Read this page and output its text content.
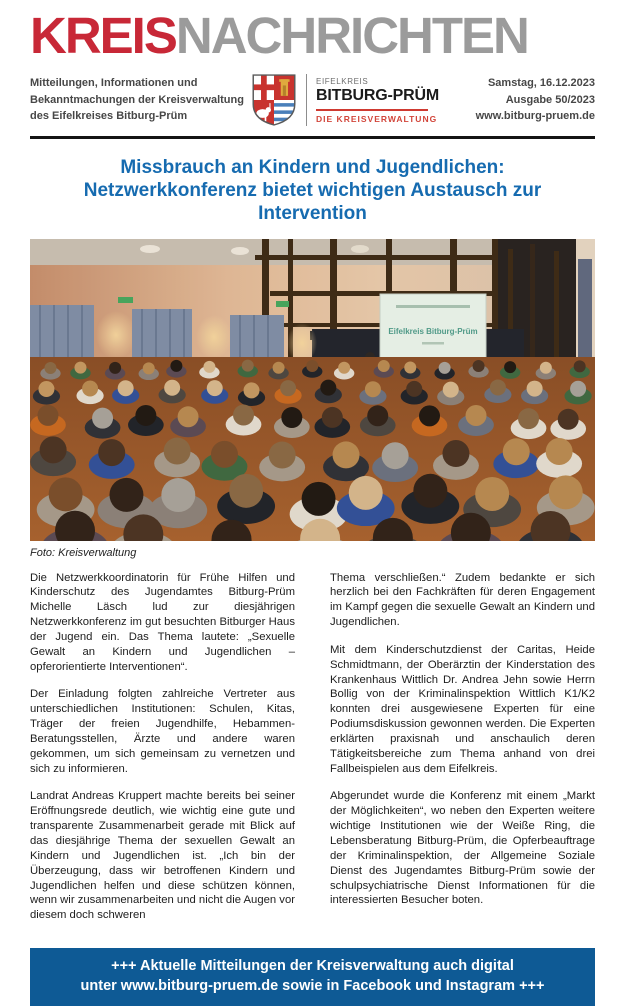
KREISNACHRICHTEN
Mitteilungen, Informationen und
Bekanntmachungen der Kreisverwaltung
des Eifelkreises Bitburg-Prüm
EIFELKREIS
BITBURG-PRÜM
DIE KREISVERWALTUNG
Samstag, 16.12.2023
Ausgabe 50/2023
www.bitburg-pruem.de
Missbrauch an Kindern und Jugendlichen:
Netzwerkkonferenz bietet wichtigen Austausch zur Intervention
Eifelkreis Bitburg-Prüm
Foto: Kreisverwaltung

Die Netzwerkkoordinatorin für Frühe Hilfen und Kinderschutz des Jugendamtes Bitburg-Prüm Michelle Läsch lud zur diesjährigen Netzwerkkonferenz im gut besuchten Bitburger Haus der Jugend ein. Das Thema lautete: „Sexuelle Gewalt an Kindern und Jugendlichen – opferorientierte Interventionen“.

Der Einladung folgten zahlreiche Vertreter aus unterschiedlichen Institutionen: Schulen, Kitas, Träger der freien Jugendhilfe, Hebammen-Beratungsstellen, Ärzte und andere waren gekommen, um sich gemeinsam zu vernetzen und sich zu informieren.

Landrat Andreas Kruppert machte bereits bei seiner Eröffnungsrede deutlich, wie wichtig eine gute und transparente Zusammenarbeit gerade mit Blick auf das diesjährige Thema der sexuellen Gewalt an Kindern und Jugendlichen ist. „Ich bin der Überzeugung, dass wir betroffenen Kindern und Jugendlichen helfen und diese schützen können, wenn wir zusammenarbeiten und nicht die Augen vor diesem doch schweren

Thema verschließen.“ Zudem bedankte er sich herzlich bei den Fachkräften für deren Engagement im Kampf gegen die sexuelle Gewalt an Kindern und Jugendlichen.

Mit dem Kinderschutzdienst der Caritas, Heide Schmidtmann, der Oberärztin der Kinderstation des Krankenhaus Wittlich Dr. Andrea Jehn sowie Herrn Bollig von der Kriminalinspektion Wittlich K1/K2 konnten drei ausgewiesene Experten für eine Podiumsdiskussion gewonnen werden. Die Experten erklärten praxisnah und anschaulich deren Tätigkeitsbereiche zum Thema anhand von drei Fallbeispielen aus dem Eifelkreis.

Abgerundet wurde die Konferenz mit einem „Markt der Möglichkeiten“, wo neben den Experten weitere wichtige Institutionen wie der Weiße Ring, die Lebensberatung Bitburg-Prüm, die Opferbeauftrage der Kriminalinspektion, der Allgemeine Soziale Dienst des Jugendamtes Bitburg-Prüm sowie der schulpsychiatrische Dienst Informationen für die interessierten Besucher boten.

+++ Aktuelle Mitteilungen der Kreisverwaltung auch digital
unter www.bitburg-pruem.de sowie in Facebook und Instagram +++
